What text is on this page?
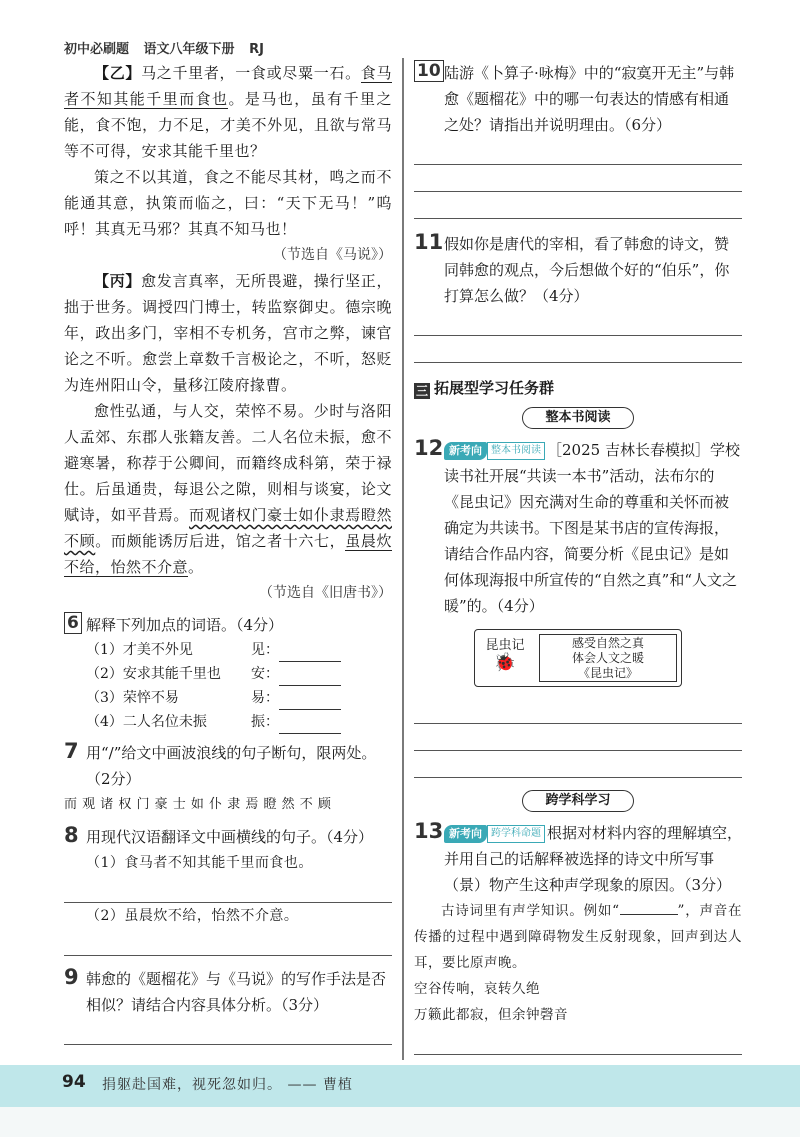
初中必刷题 语文八年级下册 RJ

【乙】马之千里者，一食或尽粟一石。食马者不知其能千里而食也。是马也，虽有千里之能，食不饱，力不足，才美不外见，且欲与常马等不可得，安求其能千里也？

策之不以其道，食之不能尽其材，鸣之而不能通其意，执策而临之，曰：“天下无马！”呜呼！其真无马邪？其真不知马也！

（节选自《马说》）

【丙】愈发言真率，无所畏避，操行坚正，拙于世务。调授四门博士，转监察御史。德宗晚年，政出多门，宰相不专机务，宫市之弊，谏官论之不听。愈尝上章数千言极论之，不听，怒贬为连州阳山令，量移江陵府掾曹。

愈性弘通，与人交，荣悴不易。少时与洛阳人孟郊、东郡人张籍友善。二人名位未振，愈不避寒暑，称荐于公卿间，而籍终成科第，荣于禄仕。后虽通贵，每退公之隙，则相与谈宴，论文赋诗，如平昔焉。而观诸权门豪士如仆隶焉瞪然不顾。而颇能诱厉后进，馆之者十六七，虽晨炊不给，怡然不介意。

（节选自《旧唐书》）

6 解释下列加点的词语。（4分）
（1）才美不外见	见：
（2）安求其能千里也	安：
（3）荣悴不易	易：
（4）二人名位未振	振：
7 用“/”给文中画波浪线的句子断句，限两处。（2分）

而 观 诸 权 门 豪 士 如 仆 隶 焉 瞪 然 不 顾

8 用现代汉语翻译文中画横线的句子。（4分）

（1）食马者不知其能千里而食也。

（2）虽晨炊不给，怡然不介意。

9 韩愈的《题榴花》与《马说》的写作手法是否相似？请结合内容具体分析。（3分）
10 陆游《卜算子·咏梅》中的“寂寞开无主”与韩愈《题榴花》中的哪一句表达的情感有相通之处？请指出并说明理由。（6分）
11 假如你是唐代的宰相，看了韩愈的诗文，赞同韩愈的观点，今后想做个好的“伯乐”，你打算怎么做？（4分）
三 拓展型学习任务群
整本书阅读
12 新考向 整本书阅读 ［2025 吉林长春模拟］学校读书社开展“共读一本书”活动，法布尔的《昆虫记》因充满对生命的尊重和关怀而被确定为共读书。下图是某书店的宣传海报，请结合作品内容，简要分析《昆虫记》是如何体现海报中所宣传的“自然之真”和“人文之暖”的。（4分）
昆虫记
🐞
感受自然之真
体会人文之暖
《昆虫记》
跨学科学习
13 新考向 跨学科命题 根据对材料内容的理解填空，并用自己的话解释被选择的诗文中所写事（景）物产生这种声学现象的原因。（3分）

古诗词里有声学知识。例如“	”，声音在传播的过程中遇到障碍物发生反射现象，回声到达人耳，要比原声晚。

空谷传响，哀转久绝

万籁此都寂，但余钟磬音

94 捐躯赴国难，视死忽如归。 —— 曹植
